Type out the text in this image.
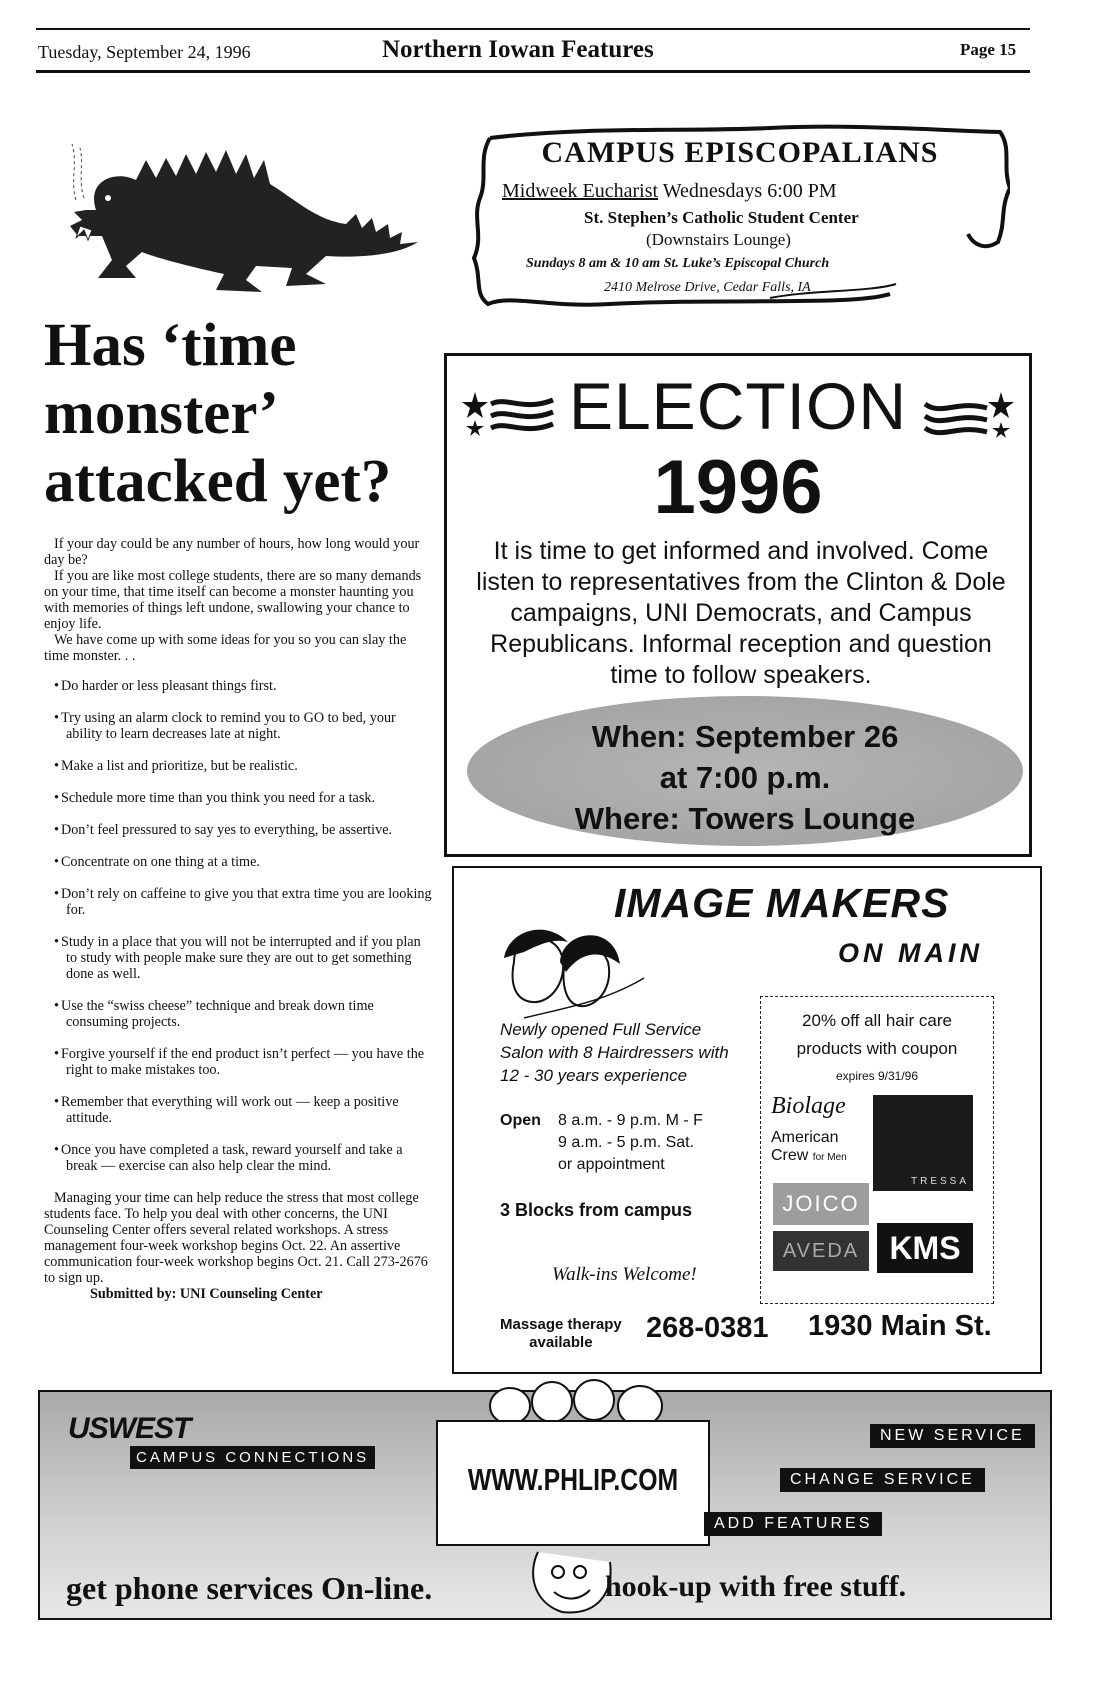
Tuesday, September 24, 1996	Northern Iowan Features	Page 15
Has ‘time
monster’
attacked yet?

If your day could be any number of hours, how long would your day be?

If you are like most college students, there are so many demands on your time, that time itself can become a monster haunting you with memories of things left undone, swallowing your chance to enjoy life.

We have come up with some ideas for you so you can slay the time monster. . .

• Do harder or less pleasant things first.
• Try using an alarm clock to remind you to GO to bed, your ability to learn decreases late at night.
• Make a list and prioritize, but be realistic.
• Schedule more time than you think you need for a task.
• Don’t feel pressured to say yes to everything, be assertive.
• Concentrate on one thing at a time.
• Don’t rely on caffeine to give you that extra time you are looking for.
• Study in a place that you will not be interrupted and if you plan to study with people make sure they are out to get something done as well.
• Use the “swiss cheese” technique and break down time consuming projects.
• Forgive yourself if the end product isn’t perfect — you have the right to make mistakes too.
• Remember that everything will work out — keep a positive attitude.
• Once you have completed a task, reward yourself and take a break — exercise can also help clear the mind.

Managing your time can help reduce the stress that most college students face. To help you deal with other concerns, the UNI Counseling Center offers several related workshops. A stress management four-week workshop begins Oct. 22. An assertive communication four-week workshop begins Oct. 21. Call 273-2676 to sign up.

Submitted by: UNI Counseling Center

CAMPUS EPISCOPALIANS
Midweek Eucharist Wednesdays 6:00 PM
St. Stephen’s Catholic Student Center
(Downstairs Lounge)
Sundays 8 am & 10 am St. Luke’s Episcopal Church
2410 Melrose Drive, Cedar Falls, IA
ELECTION
1996
It is time to get informed and involved. Come listen to representatives from the Clinton & Dole campaigns, UNI Democrats, and Campus Republicans. Informal reception and question time to follow speakers.
When: September 26
at 7:00 p.m.
Where: Towers Lounge
IMAGE MAKERS
ON MAIN
Newly opened Full Service Salon with 8 Hairdressers with 12 - 30 years experience
Open 8 a.m. - 9 p.m. M - F
9 a.m. - 5 p.m. Sat.
or appointment
3 Blocks from campus
Walk-ins Welcome!
Massage therapy
available	268-0381 1930 Main St.
20% off all hair care
products with coupon
expires 9/31/96
Biolage
American
Crew for Men
TRESSA
JOICO
AVEDA KMS
USWEST
CAMPUS CONNECTIONS
WWW.PHLIP.COM
NEW SERVICE
CHANGE SERVICE
ADD FEATURES
get phone services On-line.	hook-up with free stuff.
